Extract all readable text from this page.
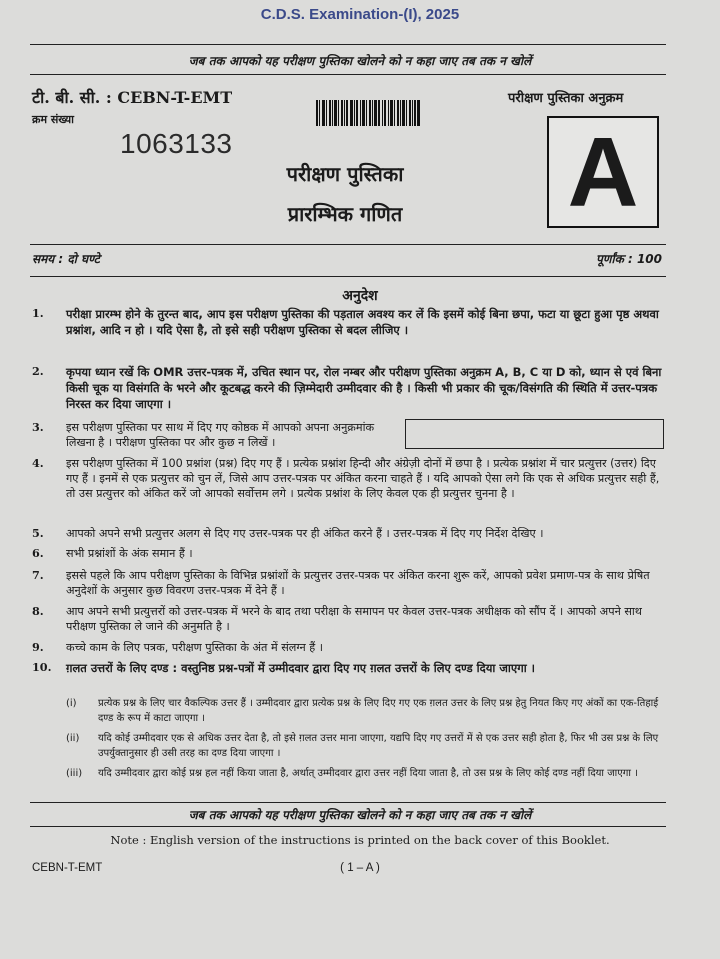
C.D.S. Examination-(I), 2025
जब तक आपको यह परीक्षण पुस्तिका खोलने को न कहा जाए तब तक न खोलें
टी. बी. सी. : CEBN-T-EMT
क्रम संख्या
1063133
परीक्षण पुस्तिका अनुक्रम
A
परीक्षण पुस्तिका
प्रारम्भिक गणित
समय : दो घण्टे	पूर्णांक : 100
अनुदेश
1. परीक्षा प्रारम्भ होने के तुरन्त बाद, आप इस परीक्षण पुस्तिका की पड़ताल अवश्य कर लें कि इसमें कोई बिना छपा, फटा या छूटा हुआ पृष्ठ अथवा प्रश्नांश, आदि न हो । यदि ऐसा है, तो इसे सही परीक्षण पुस्तिका से बदल लीजिए ।
2. कृपया ध्यान रखें कि OMR उत्तर-पत्रक में, उचित स्थान पर, रोल नम्बर और परीक्षण पुस्तिका अनुक्रम A, B, C या D को, ध्यान से एवं बिना किसी चूक या विसंगति के भरने और कूटबद्ध करने की ज़िम्मेदारी उम्मीदवार की है । किसी भी प्रकार की चूक/विसंगति की स्थिति में उत्तर-पत्रक निरस्त कर दिया जाएगा ।
3. इस परीक्षण पुस्तिका पर साथ में दिए गए कोष्ठक में आपको अपना अनुक्रमांक लिखना है । परीक्षण पुस्तिका पर और कुछ न लिखें ।
4. इस परीक्षण पुस्तिका में 100 प्रश्नांश (प्रश्न) दिए गए हैं । प्रत्येक प्रश्नांश हिन्दी और अंग्रेज़ी दोनों में छपा है । प्रत्येक प्रश्नांश में चार प्रत्युत्तर (उत्तर) दिए गए हैं । इनमें से एक प्रत्युत्तर को चुन लें, जिसे आप उत्तर-पत्रक पर अंकित करना चाहते हैं । यदि आपको ऐसा लगे कि एक से अधिक प्रत्युत्तर सही हैं, तो उस प्रत्युत्तर को अंकित करें जो आपको सर्वोत्तम लगे । प्रत्येक प्रश्नांश के लिए केवल एक ही प्रत्युत्तर चुनना है ।
5. आपको अपने सभी प्रत्युत्तर अलग से दिए गए उत्तर-पत्रक पर ही अंकित करने हैं । उत्तर-पत्रक में दिए गए निर्देश देखिए ।
6. सभी प्रश्नांशों के अंक समान हैं ।
7. इससे पहले कि आप परीक्षण पुस्तिका के विभिन्न प्रश्नांशों के प्रत्युत्तर उत्तर-पत्रक पर अंकित करना शुरू करें, आपको प्रवेश प्रमाण-पत्र के साथ प्रेषित अनुदेशों के अनुसार कुछ विवरण उत्तर-पत्रक में देने हैं ।
8. आप अपने सभी प्रत्युत्तरों को उत्तर-पत्रक में भरने के बाद तथा परीक्षा के समापन पर केवल उत्तर-पत्रक अधीक्षक को सौंप दें । आपको अपने साथ परीक्षण पुस्तिका ले जाने की अनुमति है ।
9. कच्चे काम के लिए पत्रक, परीक्षण पुस्तिका के अंत में संलग्न हैं ।
10. ग़लत उत्तरों के लिए दण्ड : वस्तुनिष्ठ प्रश्न-पत्रों में उम्मीदवार द्वारा दिए गए ग़लत उत्तरों के लिए दण्ड दिया जाएगा ।
(i) प्रत्येक प्रश्न के लिए चार वैकल्पिक उत्तर हैं । उम्मीदवार द्वारा प्रत्येक प्रश्न के लिए दिए गए एक ग़लत उत्तर के लिए प्रश्न हेतु नियत किए गए अंकों का एक-तिहाई दण्ड के रूप में काटा जाएगा ।
(ii) यदि कोई उम्मीदवार एक से अधिक उत्तर देता है, तो इसे ग़लत उत्तर माना जाएगा, यद्यपि दिए गए उत्तरों में से एक उत्तर सही होता है, फिर भी उस प्रश्न के लिए उपर्युक्तानुसार ही उसी तरह का दण्ड दिया जाएगा ।
(iii) यदि उम्मीदवार द्वारा कोई प्रश्न हल नहीं किया जाता है, अर्थात् उम्मीदवार द्वारा उत्तर नहीं दिया जाता है, तो उस प्रश्न के लिए कोई दण्ड नहीं दिया जाएगा ।
जब तक आपको यह परीक्षण पुस्तिका खोलने को न कहा जाए तब तक न खोलें
Note : English version of the instructions is printed on the back cover of this Booklet.
CEBN-T-EMT	( 1 – A )
